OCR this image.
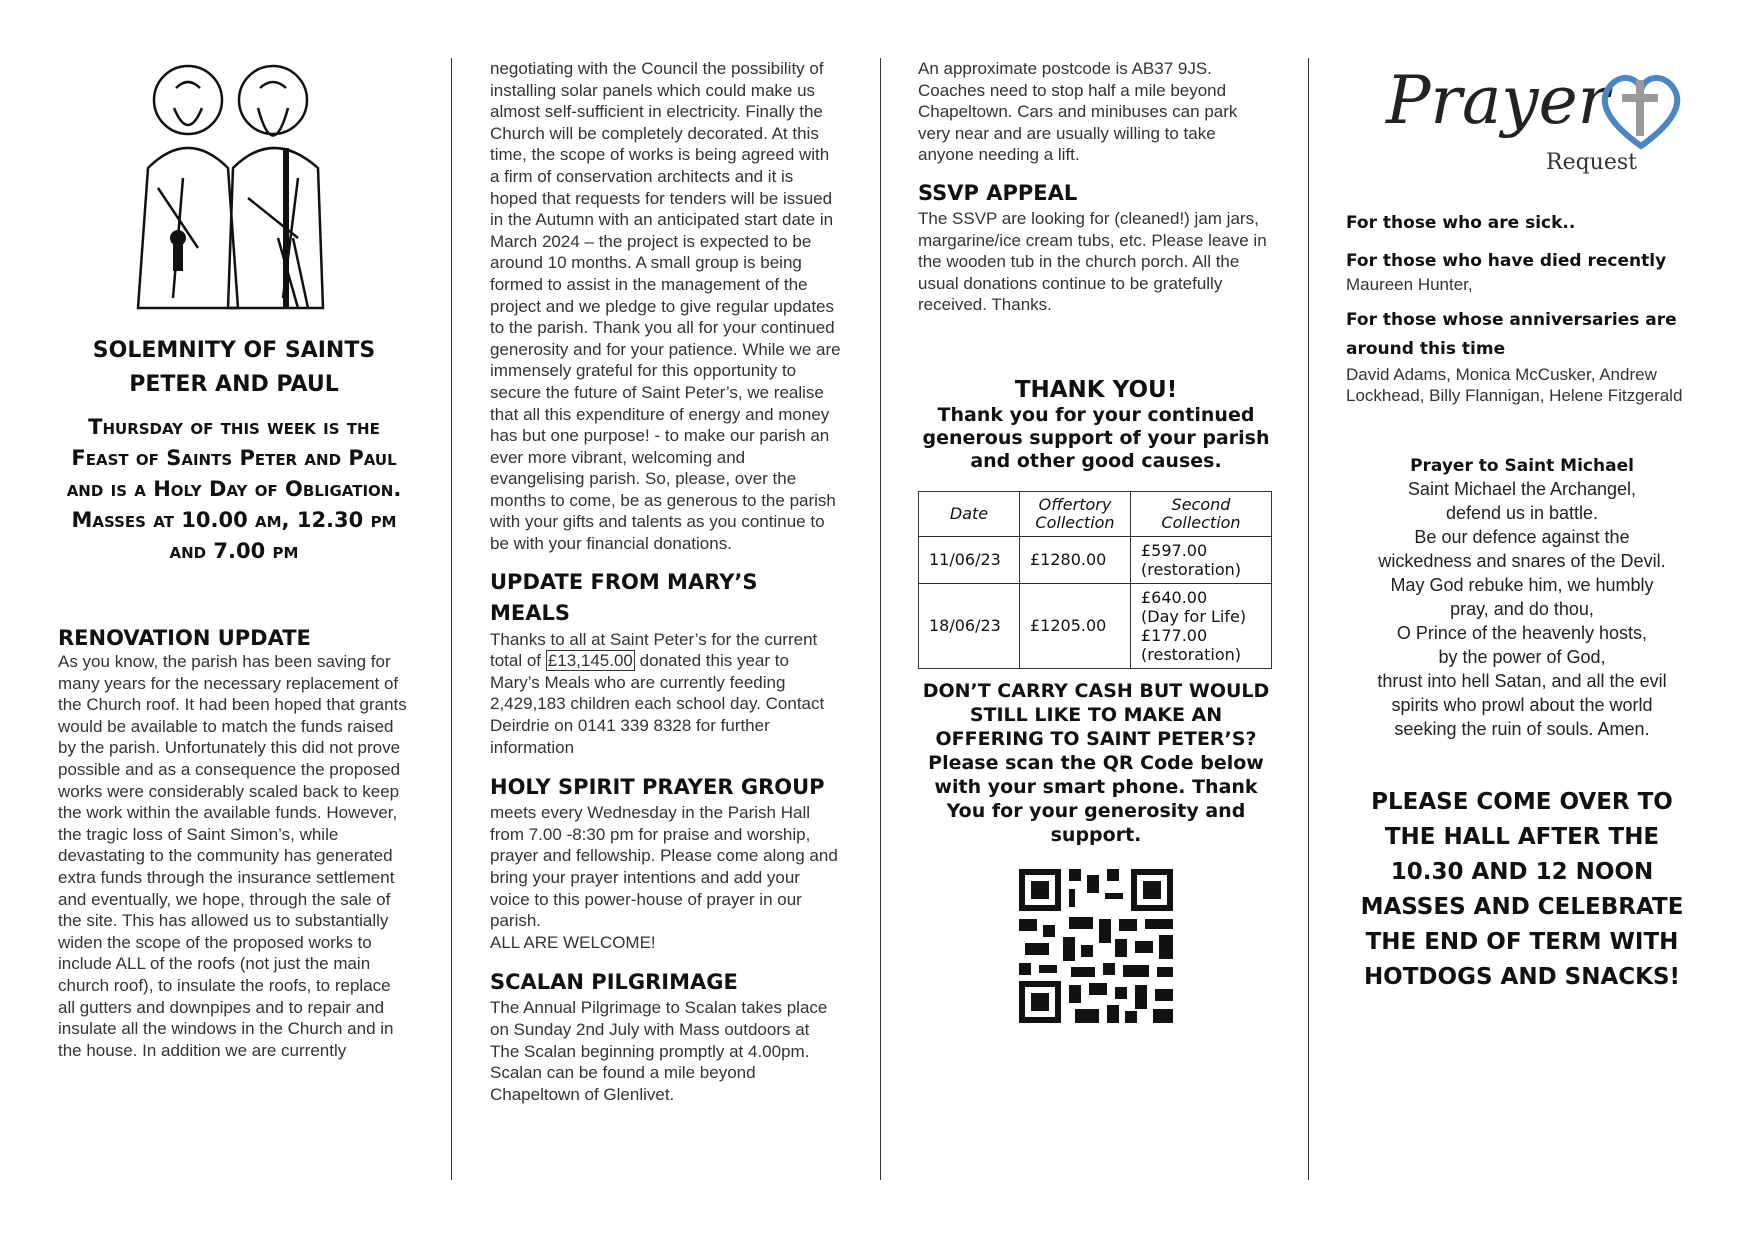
SOLEMNITY OF SAINTS PETER AND PAUL
Thursday of this week is the Feast of Saints Peter and Paul and is a Holy Day of Obligation. Masses at 10.00 am, 12.30 pm and 7.00 pm
RENOVATION UPDATE
As you know, the parish has been saving for many years for the necessary replacement of the Church roof. It had been hoped that grants would be available to match the funds raised by the parish. Unfortunately this did not prove possible and as a consequence the proposed works were considerably scaled back to keep the work within the available funds. However, the tragic loss of Saint Simon’s, while devastating to the community has generated extra funds through the insurance settlement and eventually, we hope, through the sale of the site. This has allowed us to substantially widen the scope of the proposed works to include ALL of the roofs (not just the main church roof), to insulate the roofs, to replace all gutters and downpipes and to repair and insulate all the windows in the Church and in the house. In addition we are currently
negotiating with the Council the possibility of installing solar panels which could make us almost self-sufficient in electricity. Finally the Church will be completely decorated. At this time, the scope of works is being agreed with a firm of conservation architects and it is hoped that requests for tenders will be issued in the Autumn with an anticipated start date in March 2024 – the project is expected to be around 10 months. A small group is being formed to assist in the management of the project and we pledge to give regular updates to the parish. Thank you all for your continued generosity and for your patience. While we are immensely grateful for this opportunity to secure the future of Saint Peter’s, we realise that all this expenditure of energy and money has but one purpose! - to make our parish an ever more vibrant, welcoming and evangelising parish. So, please, over the months to come, be as generous to the parish with your gifts and talents as you continue to be with your financial donations.
UPDATE FROM MARY’S MEALS
Thanks to all at Saint Peter’s for the current total of £13,145.00 donated this year to Mary’s Meals who are currently feeding 2,429,183 children each school day. Contact Deirdrie on 0141 339 8328 for further information
HOLY SPIRIT PRAYER GROUP
meets every Wednesday in the Parish Hall from 7.00 -8:30 pm for praise and worship, prayer and fellowship. Please come along and bring your prayer intentions and add your voice to this power-house of prayer in our parish.
ALL ARE WELCOME!
SCALAN PILGRIMAGE
The Annual Pilgrimage to Scalan takes place on Sunday 2nd July with Mass outdoors at The Scalan beginning promptly at 4.00pm. Scalan can be found a mile beyond Chapeltown of Glenlivet.
An approximate postcode is AB37 9JS. Coaches need to stop half a mile beyond Chapeltown. Cars and minibuses can park very near and are usually willing to take anyone needing a lift.
SSVP APPEAL
The SSVP are looking for (cleaned!) jam jars, margarine/ice cream tubs, etc. Please leave in the wooden tub in the church porch. All the usual donations continue to be gratefully received. Thanks.
THANK YOU!
Thank you for your continued generous support of your parish and other good causes.
Date	Offertory Collection	Second Collection
11/06/23	£1280.00	£597.00
(restoration)

18/06/23	£1205.00	£640.00
(Day for Life)
£177.00
(restoration)
DON’T CARRY CASH BUT WOULD STILL LIKE TO MAKE AN OFFERING TO SAINT PETER’S?
Please scan the QR Code below with your smart phone. Thank You for your generosity and support.
Prayer
Request
For those who are sick..
For those who have died recently
Maureen Hunter,
For those whose anniversaries are around this time
David Adams, Monica McCusker, Andrew Lockhead, Billy Flannigan, Helene Fitzgerald
Prayer to Saint Michael
Saint Michael the Archangel,
defend us in battle.
Be our defence against the
wickedness and snares of the Devil.
May God rebuke him, we humbly
pray, and do thou,
O Prince of the heavenly hosts,
by the power of God,
thrust into hell Satan, and all the evil
spirits who prowl about the world
seeking the ruin of souls. Amen.
PLEASE COME OVER TO THE HALL AFTER THE 10.30 AND 12 NOON MASSES AND CELEBRATE THE END OF TERM WITH HOTDOGS AND SNACKS!
